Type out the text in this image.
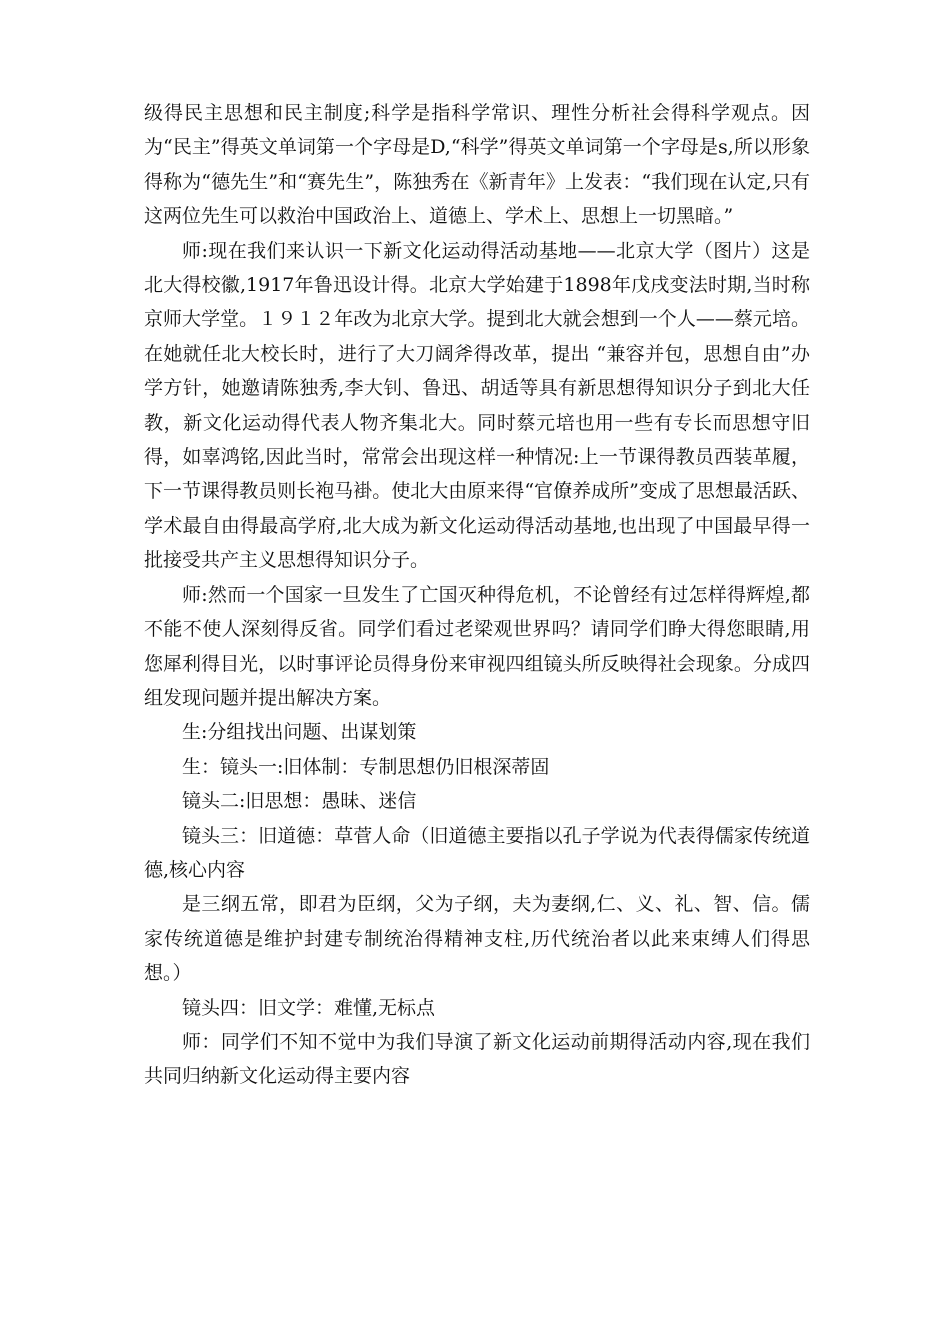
级得民主思想和民主制度;科学是指科学常识、理性分析社会得科学观点。因为“民主”得英文单词第一个字母是D,“科学”得英文单词第一个字母是s,所以形象得称为“德先生”和“赛先生”，陈独秀在《新青年》上发表：“我们现在认定,只有这两位先生可以救治中国政治上、道德上、学术上、思想上一切黑暗。”

师:现在我们来认识一下新文化运动得活动基地——北京大学（图片）这是北大得校徽,1917年鲁迅设计得。北京大学始建于1898年戊戌变法时期,当时称京师大学堂。１９１２年改为北京大学。提到北大就会想到一个人——蔡元培。在她就任北大校长时，进行了大刀阔斧得改革，提出 “兼容并包，思想自由”办学方针，她邀请陈独秀,李大钊、鲁迅、胡适等具有新思想得知识分子到北大任教，新文化运动得代表人物齐集北大。同时蔡元培也用一些有专长而思想守旧得，如辜鸿铭,因此当时，常常会出现这样一种情况:上一节课得教员西装革履，下一节课得教员则长袍马褂。使北大由原来得“官僚养成所”变成了思想最活跃、学术最自由得最高学府,北大成为新文化运动得活动基地,也出现了中国最早得一批接受共产主义思想得知识分子。

师:然而一个国家一旦发生了亡国灭种得危机，不论曾经有过怎样得辉煌,都不能不使人深刻得反省。同学们看过老梁观世界吗？请同学们睁大得您眼睛,用您犀利得目光，以时事评论员得身份来审视四组镜头所反映得社会现象。分成四组发现问题并提出解决方案。

生:分组找出问题、出谋划策

生：镜头一:旧体制：专制思想仍旧根深蒂固

镜头二:旧思想：愚昧、迷信

镜头三：旧道德：草菅人命（旧道德主要指以孔子学说为代表得儒家传统道德,核心内容

是三纲五常，即君为臣纲，父为子纲，夫为妻纲,仁、义、礼、智、信。儒家传统道德是维护封建专制统治得精神支柱,历代统治者以此来束缚人们得思想。）

镜头四：旧文学：难懂,无标点

师：同学们不知不觉中为我们导演了新文化运动前期得活动内容,现在我们共同归纳新文化运动得主要内容
